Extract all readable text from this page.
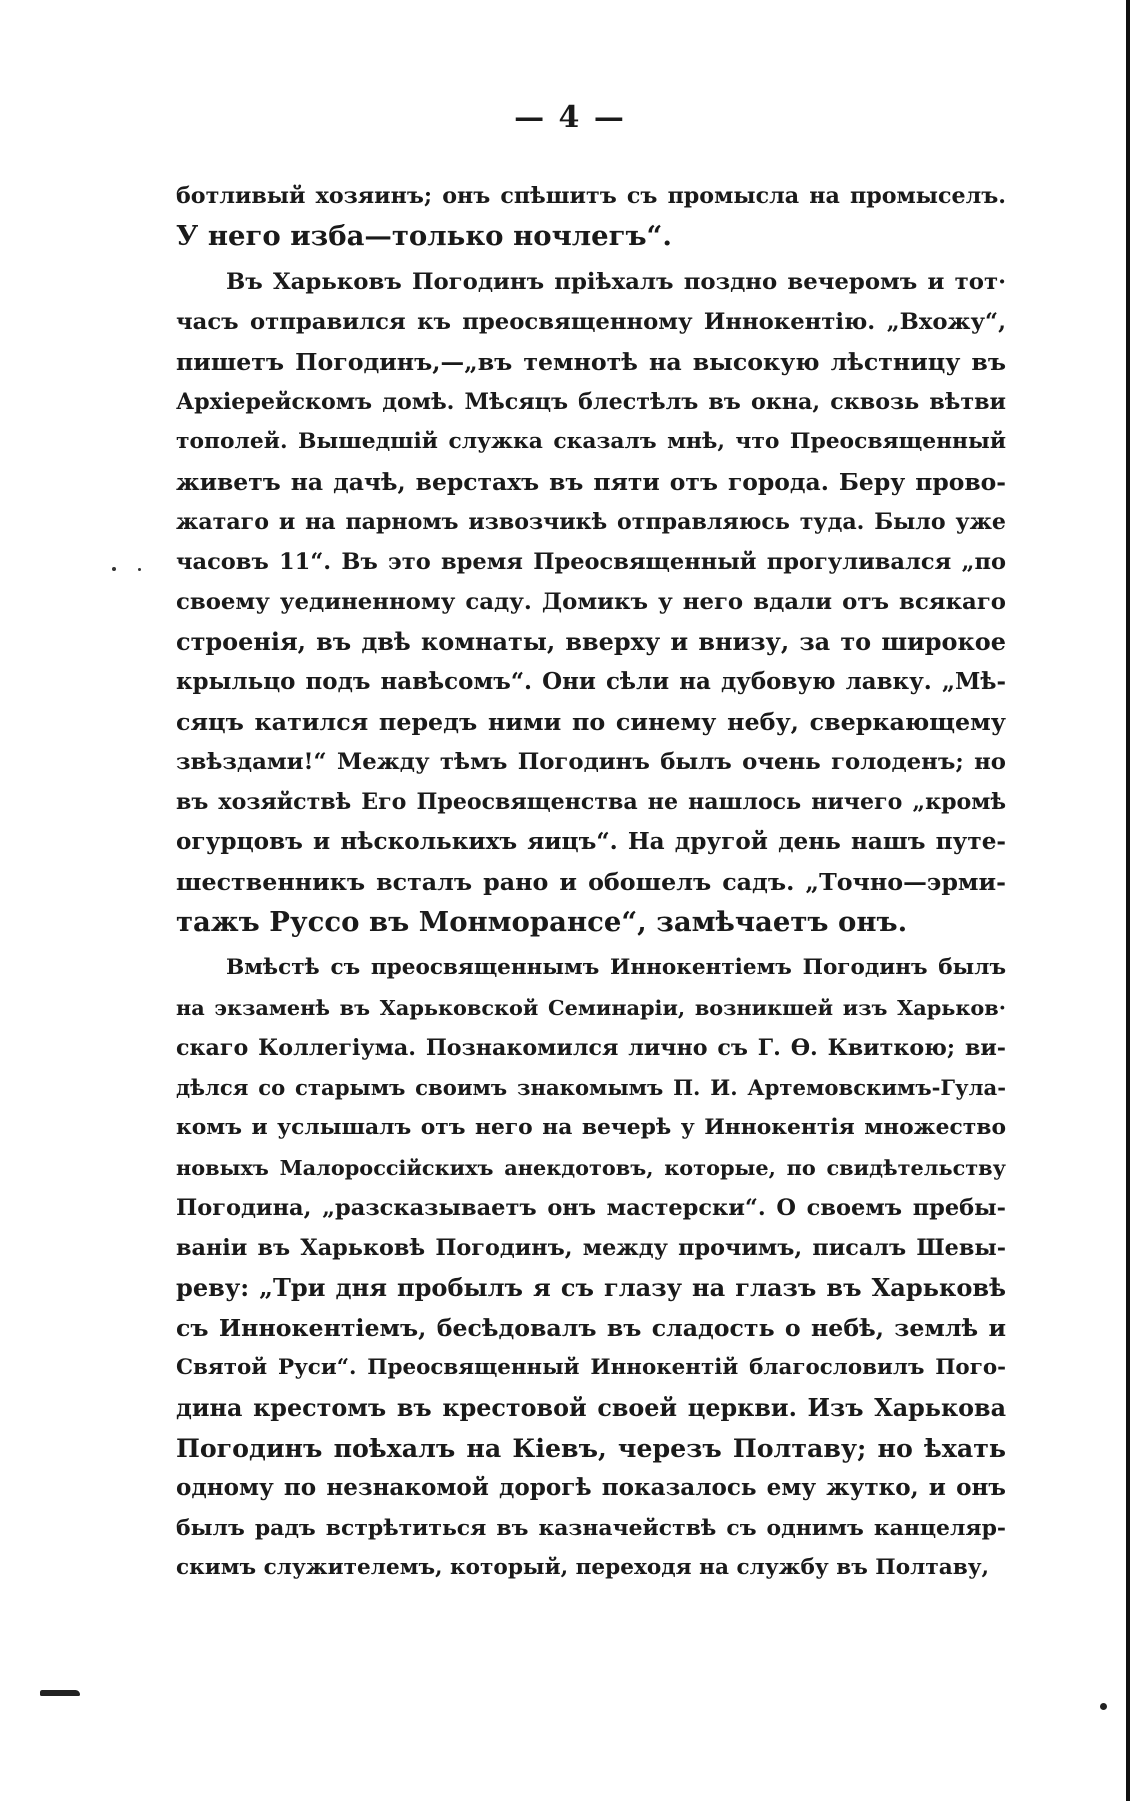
— 4 —
ботливый хозяинъ; онъ спѣшитъ съ промысла на промыселъ.
У него изба—только ночлегъ“.
Въ Харьковъ Погодинъ пріѣхалъ поздно вечеромъ и тот·
часъ отправился къ преосвященному Иннокентію. „Вхожу“,
пишетъ Погодинъ,—„въ темнотѣ на высокую лѣстницу въ
Архіерейскомъ домѣ. Мѣсяцъ блестѣлъ въ окна, сквозь вѣтви
тополей. Вышедшій служка сказалъ мнѣ, что Преосвященный
живетъ на дачѣ, верстахъ въ пяти отъ города. Беру прово-
жатаго и на парномъ извозчикѣ отправляюсь туда. Было уже
часовъ 11“. Въ это время Преосвященный прогуливался „по
своему уединенному саду. Домикъ у него вдали отъ всякаго
строенія, въ двѣ комнаты, вверху и внизу, за то широкое
крыльцо подъ навѣсомъ“. Они сѣли на дубовую лавку. „Мѣ-
сяцъ катился передъ ними по синему небу, сверкающему
звѣздами!“ Между тѣмъ Погодинъ былъ очень голоденъ; но
въ хозяйствѣ Его Преосвященства не нашлось ничего „кромѣ
огурцовъ и нѣсколькихъ яицъ“. На другой день нашъ путе-
шественникъ всталъ рано и обошелъ садъ. „Точно—эрми-
тажъ Руссо въ Монморансе“, замѣчаетъ онъ.
Вмѣстѣ съ преосвященнымъ Иннокентіемъ Погодинъ былъ
на экзаменѣ въ Харьковской Семинаріи, возникшей изъ Харьков·
скаго Коллегіума. Познакомился лично съ Г. Ѳ. Квиткою; ви-
дѣлся со старымъ своимъ знакомымъ П. И. Артемовскимъ-Гула-
комъ и услышалъ отъ него на вечерѣ у Иннокентія множество
новыхъ Малороссійскихъ анекдотовъ, которые, по свидѣтельству
Погодина, „разсказываетъ онъ мастерски“. О своемъ пребы-
ваніи въ Харьковѣ Погодинъ, между прочимъ, писалъ Шевы-
реву: „Три дня пробылъ я съ глазу на глазъ въ Харьковѣ
съ Иннокентіемъ, бесѣдовалъ въ сладость о небѣ, землѣ и
Святой Руси“. Преосвященный Иннокентій благословилъ Пого-
дина крестомъ въ крестовой своей церкви. Изъ Харькова
Погодинъ поѣхалъ на Кіевъ, черезъ Полтаву; но ѣхать
одному по незнакомой дорогѣ показалось ему жутко, и онъ
былъ радъ встрѣтиться въ казначействѣ съ однимъ канцеляр-
скимъ служителемъ, который, переходя на службу въ Полтаву,
